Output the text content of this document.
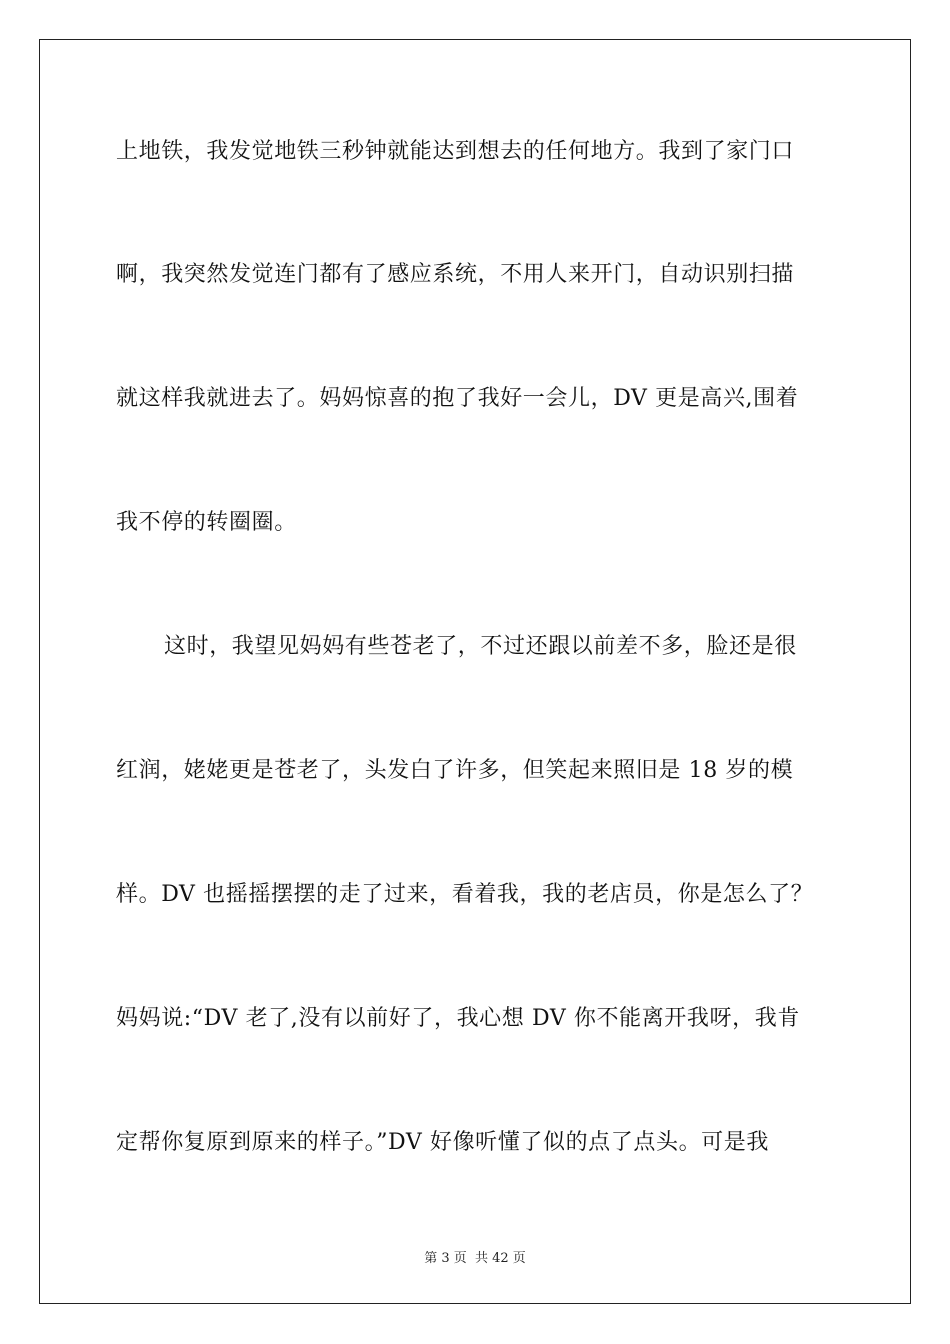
上地铁，我发觉地铁三秒钟就能达到想去的任何地方。我到了家门口
啊，我突然发觉连门都有了感应系统，不用人来开门，自动识别扫描
就这样我就进去了。妈妈惊喜的抱了我好一会儿，DV 更是高兴,围着
我不停的转圈圈。
这时，我望见妈妈有些苍老了，不过还跟以前差不多，脸还是很
红润，姥姥更是苍老了，头发白了许多，但笑起来照旧是 18 岁的模
样。DV 也摇摇摆摆的走了过来，看着我，我的老店员，你是怎么了？
妈妈说:“DV 老了,没有以前好了，我心想 DV 你不能离开我呀，我肯
定帮你复原到原来的样子。”DV 好像听懂了似的点了点头。可是我
第 3 页 共 42 页
